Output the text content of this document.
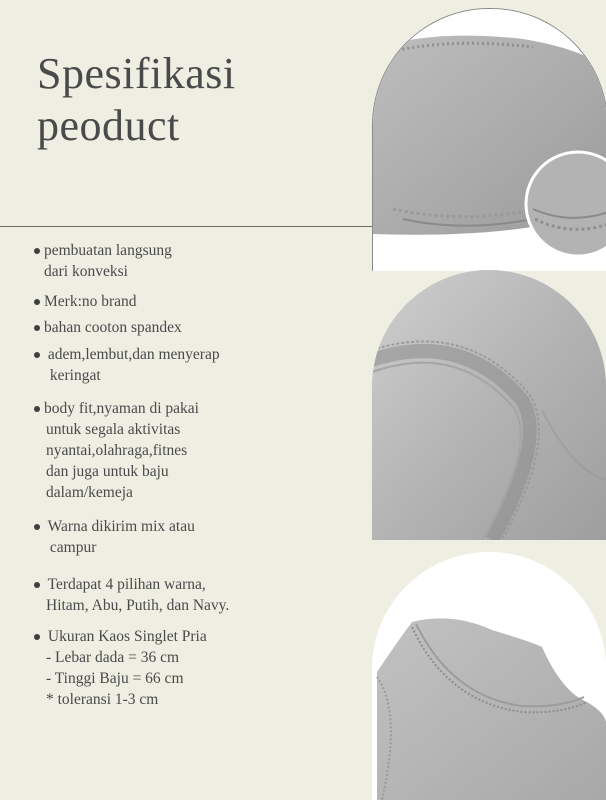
Spesifikasi
peoduct
pembuatan langsung
dari konveksi
Merk:no brand
bahan cooton spandex
adem,lembut,dan menyerap
keringat
body fit,nyaman di pakai
untuk segala aktivitas
nyantai,olahraga,fitnes
dan juga untuk baju
dalam/kemeja
Warna dikirim mix atau
campur
Terdapat 4 pilihan warna,
Hitam, Abu, Putih, dan Navy.
Ukuran Kaos Singlet Pria
- Lebar dada = 36 cm
- Tinggi Baju = 66 cm
* toleransi 1-3 cm
